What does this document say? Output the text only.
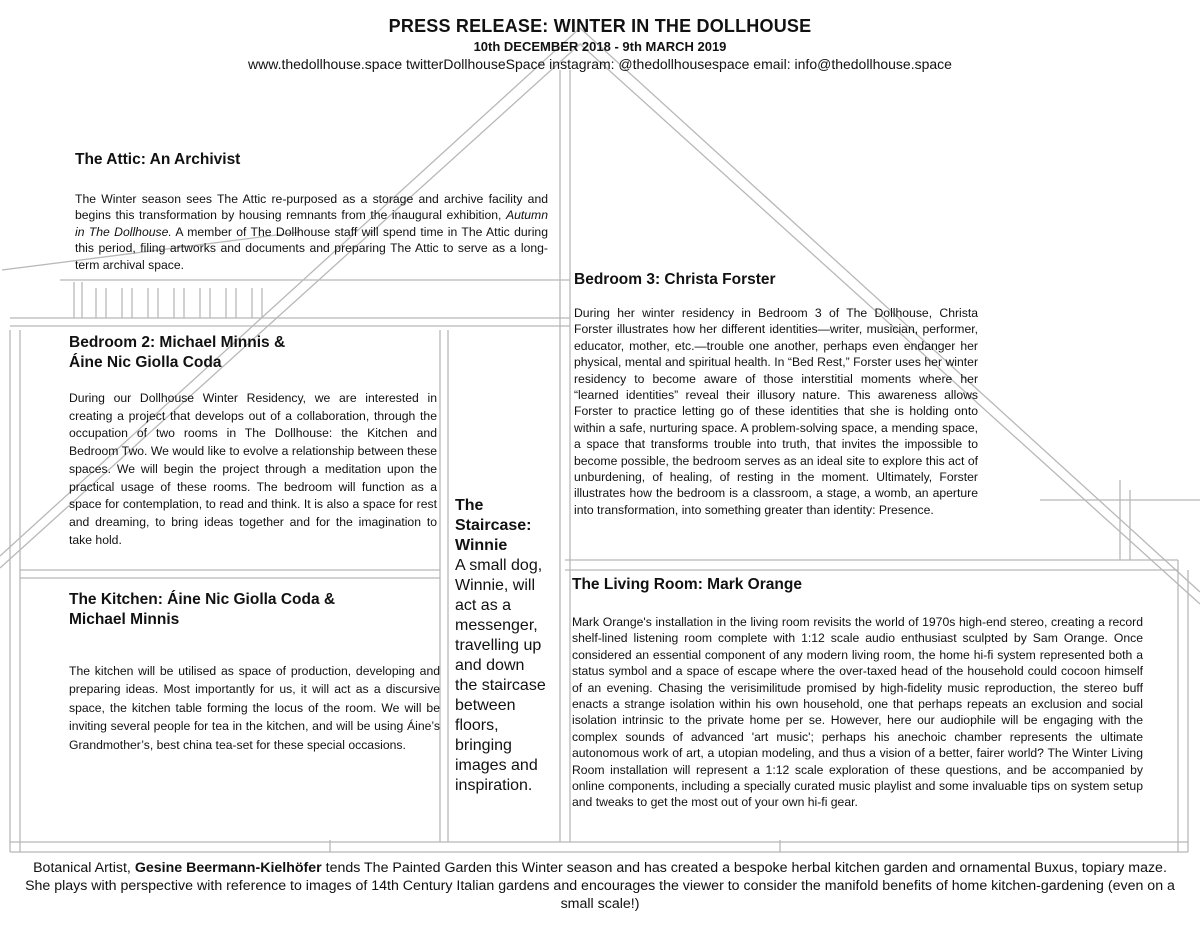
PRESS RELEASE: WINTER IN THE DOLLHOUSE
10th DECEMBER 2018 - 9th MARCH 2019
www.thedollhouse.space twitterDollhouseSpace instagram: @thedollhousespace email: info@thedollhouse.space
The Attic: An Archivist

The Winter season sees The Attic re-purposed as a storage and archive facility and begins this transformation by housing remnants from the inaugural exhibition, Autumn in The Dollhouse. A member of The Dollhouse staff will spend time in The Attic during this period, filing artworks and documents and preparing The Attic to serve as a long-term archival space.

Bedroom 2: Michael Minnis &
Áine Nic Giolla Coda

During our Dollhouse Winter Residency, we are interested in creating a project that develops out of a collaboration, through the occupation of two rooms in The Dollhouse: the Kitchen and Bedroom Two. We would like to evolve a relationship between these spaces. We will begin the project through a meditation upon the practical usage of these rooms. The bedroom will function as a space for contemplation, to read and think. It is also a space for rest and dreaming, to bring ideas together and for the imagination to take hold.

The Kitchen: Áine Nic Giolla Coda &
Michael Minnis

The kitchen will be utilised as space of production, developing and preparing ideas. Most importantly for us, it will act as a discursive space, the kitchen table forming the locus of the room. We will be inviting several people for tea in the kitchen, and will be using Áine’s Grandmother’s, best china tea-set for these special occasions.

The Staircase: Winnie
A small dog, Winnie, will act as a messenger, travelling up and down the staircase between floors, bringing images and inspiration.
Bedroom 3: Christa Forster

During her winter residency in Bedroom 3 of The Dollhouse, Christa Forster illustrates how her different identities—writer, musician, performer, educator, mother, etc.—trouble one another, perhaps even endanger her physical, mental and spiritual health. In “Bed Rest,” Forster uses her winter residency to become aware of those interstitial moments where her “learned identities” reveal their illusory nature. This awareness allows Forster to practice letting go of these identities that she is holding onto within a safe, nurturing space. A problem-solving space, a mending space, a space that transforms trouble into truth, that invites the impossible to become possible, the bedroom serves as an ideal site to explore this act of unburdening, of healing, of resting in the moment. Ultimately, Forster illustrates how the bedroom is a classroom, a stage, a womb, an aperture into transformation, into something greater than identity: Presence.

The Living Room: Mark Orange

Mark Orange's installation in the living room revisits the world of 1970s high-end stereo, creating a record shelf-lined listening room complete with 1:12 scale audio enthusiast sculpted by Sam Orange. Once considered an essential component of any modern living room, the home hi-fi system represented both a status symbol and a space of escape where the over-taxed head of the household could cocoon himself of an evening. Chasing the verisimilitude promised by high-fidelity music reproduction, the stereo buff enacts a strange isolation within his own household, one that perhaps repeats an exclusion and social isolation intrinsic to the private home per se. However, here our audiophile will be engaging with the complex sounds of advanced 'art music'; perhaps his anechoic chamber represents the ultimate autonomous work of art, a utopian modeling, and thus a vision of a better, fairer world? The Winter Living Room installation will represent a 1:12 scale exploration of these questions, and be accompanied by online components, including a specially curated music playlist and some invaluable tips on system setup and tweaks to get the most out of your own hi-fi gear.

Botanical Artist, Gesine Beermann-Kielhöfer tends The Painted Garden this Winter season and has created a bespoke herbal kitchen garden and ornamental Buxus, topiary maze. She plays with perspective with reference to images of 14th Century Italian gardens and encourages the viewer to consider the manifold benefits of home kitchen-gardening (even on a small scale!)
